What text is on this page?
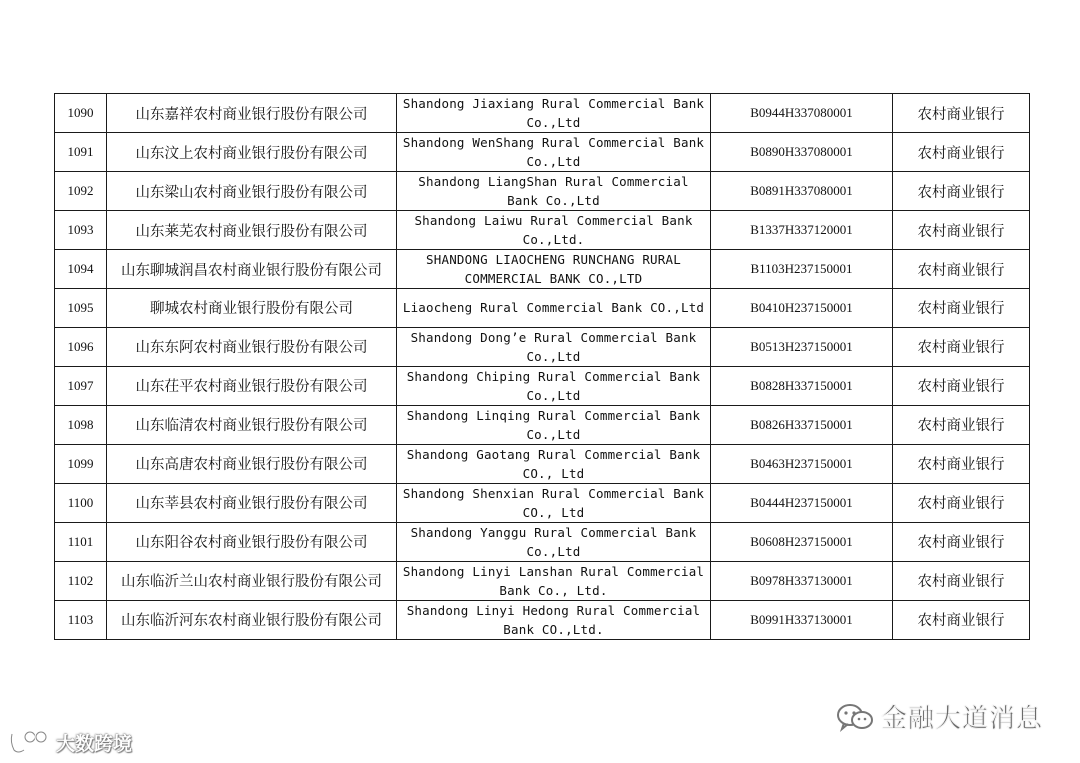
1090	山东嘉祥农村商业银行股份有限公司	Shandong Jiaxiang Rural Commercial Bank Co.,Ltd	B0944H337080001	农村商业银行
1091	山东汶上农村商业银行股份有限公司	Shandong WenShang Rural Commercial Bank Co.,Ltd	B0890H337080001	农村商业银行
1092	山东梁山农村商业银行股份有限公司	Shandong LiangShan Rural Commercial Bank Co.,Ltd	B0891H337080001	农村商业银行
1093	山东莱芜农村商业银行股份有限公司	Shandong Laiwu Rural Commercial Bank Co.,Ltd.	B1337H337120001	农村商业银行
1094	山东聊城润昌农村商业银行股份有限公司	SHANDONG LIAOCHENG RUNCHANG RURAL COMMERCIAL BANK CO.,LTD	B1103H237150001	农村商业银行
1095	聊城农村商业银行股份有限公司	Liaocheng Rural Commercial Bank CO.,Ltd	B0410H237150001	农村商业银行
1096	山东东阿农村商业银行股份有限公司	Shandong Dong’e Rural Commercial Bank Co.,Ltd	B0513H237150001	农村商业银行
1097	山东茌平农村商业银行股份有限公司	Shandong Chiping Rural Commercial Bank Co.,Ltd	B0828H337150001	农村商业银行
1098	山东临清农村商业银行股份有限公司	Shandong Linqing Rural Commercial Bank Co.,Ltd	B0826H337150001	农村商业银行
1099	山东高唐农村商业银行股份有限公司	Shandong Gaotang Rural Commercial Bank CO., Ltd	B0463H237150001	农村商业银行
1100	山东莘县农村商业银行股份有限公司	Shandong Shenxian Rural Commercial Bank CO., Ltd	B0444H237150001	农村商业银行
1101	山东阳谷农村商业银行股份有限公司	Shandong Yanggu Rural Commercial Bank Co.,Ltd	B0608H237150001	农村商业银行
1102	山东临沂兰山农村商业银行股份有限公司	Shandong Linyi Lanshan Rural Commercial Bank Co., Ltd.	B0978H337130001	农村商业银行
1103	山东临沂河东农村商业银行股份有限公司	Shandong Linyi Hedong Rural Commercial Bank CO.,Ltd.	B0991H337130001	农村商业银行
金融大道消息
大数跨境
